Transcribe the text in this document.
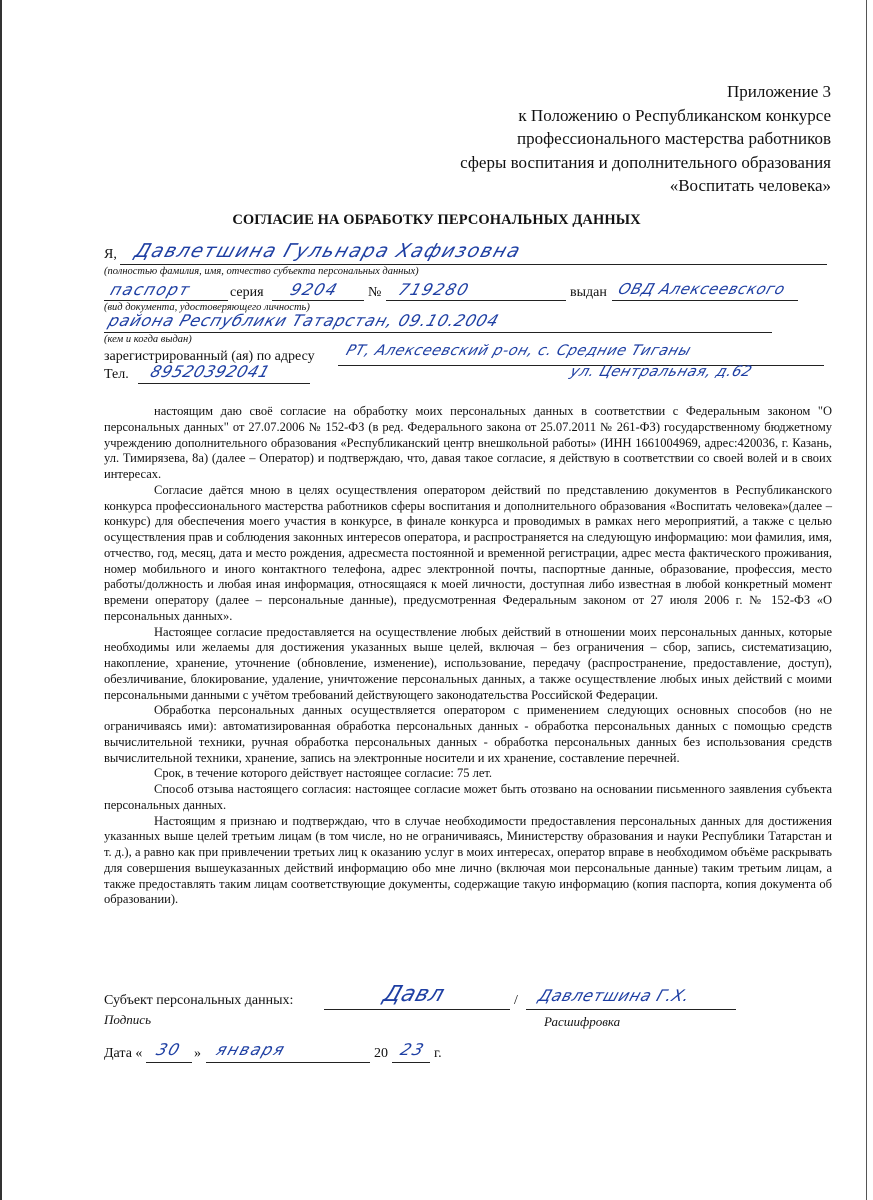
Приложение 3
к Положению о Республиканском конкурсе
профессионального мастерства работников
сферы воспитания и дополнительного образования
«Воспитать человека»
СОГЛАСИЕ НА ОБРАБОТКУ ПЕРСОНАЛЬНЫХ ДАННЫХ
Я, Давлетшина Гульнара Хафизовна
(полностью фамилия, имя, отчество субъекта персональных данных)
паспорт	серия 9204 № 719280	выдан ОВД Алексеевского
(вид документа, удостоверяющего личность)
района Республики Татарстан, 09.10.2004
(кем и когда выдан)
зарегистрированный (ая) по адресу РТ, Алексеевский р-он, с. Средние Тиганы
ул. Центральная, д.62
Тел. 89520392041

настоящим даю своё согласие на обработку моих персональных данных в соответствии с Федеральным законом "О персональных данных" от 27.07.2006 № 152-ФЗ (в ред. Федерального закона от 25.07.2011 № 261-ФЗ) государственному бюджетному учреждению дополнительного образования «Республиканский центр внешкольной работы» (ИНН 1661004969, адрес:420036, г. Казань, ул. Тимирязева, 8а) (далее – Оператор) и подтверждаю, что, давая такое согласие, я действую в соответствии со своей волей и в своих интересах.

Согласие даётся мною в целях осуществления оператором действий по представлению документов в Республиканского конкурса профессионального мастерства работников сферы воспитания и дополнительного образования «Воспитать человека»(далее – конкурс) для обеспечения моего участия в конкурсе, в финале конкурса и проводимых в рамках него мероприятий, а также с целью осуществления прав и соблюдения законных интересов оператора, и распространяется на следующую информацию: мои фамилия, имя, отчество, год, месяц, дата и место рождения, адресместа постоянной и временной регистрации, адрес места фактического проживания, номер мобильного и иного контактного телефона, адрес электронной почты, паспортные данные, образование, профессия, место работы/должность и любая иная информация, относящаяся к моей личности, доступная либо известная в любой конкретный момент времени оператору (далее – персональные данные), предусмотренная Федеральным законом от 27 июля 2006 г. № 152-ФЗ «О персональных данных».

Настоящее согласие предоставляется на осуществление любых действий в отношении моих персональных данных, которые необходимы или желаемы для достижения указанных выше целей, включая – без ограничения – сбор, запись, систематизацию, накопление, хранение, уточнение (обновление, изменение), использование, передачу (распространение, предоставление, доступ), обезличивание, блокирование, удаление, уничтожение персональных данных, а также осуществление любых иных действий с моими персональными данными с учётом требований действующего законодательства Российской Федерации.

Обработка персональных данных осуществляется оператором с применением следующих основных способов (но не ограничиваясь ими): автоматизированная обработка персональных данных - обработка персональных данных с помощью средств вычислительной техники, ручная обработка персональных данных - обработка персональных данных без использования средств вычислительной техники, хранение, запись на электронные носители и их хранение, составление перечней.

Срок, в течение которого действует настоящее согласие: 75 лет.

Способ отзыва настоящего согласия: настоящее согласие может быть отозвано на основании письменного заявления субъекта персональных данных.

Настоящим я признаю и подтверждаю, что в случае необходимости предоставления персональных данных для достижения указанных выше целей третьим лицам (в том числе, но не ограничиваясь, Министерству образования и науки Республики Татарстан и т. д.), а равно как при привлечении третьих лиц к оказанию услуг в моих интересах, оператор вправе в необходимом объёме раскрывать для совершения вышеуказанных действий информацию обо мне лично (включая мои персональные данные) таким третьим лицам, а также предоставлять таким лицам соответствующие документы, содержащие такую информацию (копия паспорта, копия документа об образовании).

Субъект персональных данных:	Давл	/ Давлетшина Г.Х.
Подпись	Расшифровка
Дата « 30 » января	20 23 г.
